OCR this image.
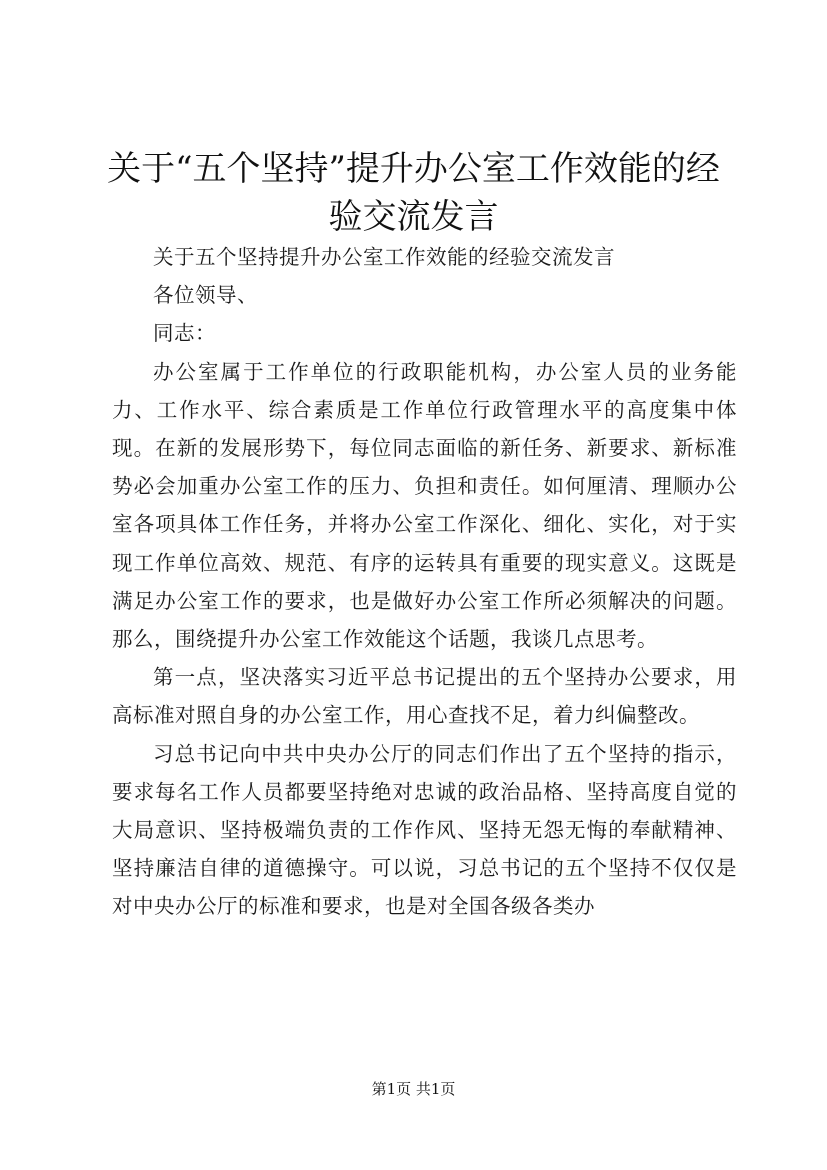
关于“五个坚持”提升办公室工作效能的经验交流发言

关于五个坚持提升办公室工作效能的经验交流发言

各位领导、

同志：

办公室属于工作单位的行政职能机构，办公室人员的业务能力、工作水平、综合素质是工作单位行政管理水平的高度集中体现。在新的发展形势下，每位同志面临的新任务、新要求、新标准势必会加重办公室工作的压力、负担和责任。如何厘清、理顺办公室各项具体工作任务，并将办公室工作深化、细化、实化，对于实现工作单位高效、规范、有序的运转具有重要的现实意义。这既是满足办公室工作的要求，也是做好办公室工作所必须解决的问题。那么，围绕提升办公室工作效能这个话题，我谈几点思考。

第一点，坚决落实习近平总书记提出的五个坚持办公要求，用高标准对照自身的办公室工作，用心查找不足，着力纠偏整改。

习总书记向中共中央办公厅的同志们作出了五个坚持的指示，要求每名工作人员都要坚持绝对忠诚的政治品格、坚持高度自觉的大局意识、坚持极端负责的工作作风、坚持无怨无悔的奉献精神、坚持廉洁自律的道德操守。可以说，习总书记的五个坚持不仅仅是对中央办公厅的标准和要求，也是对全国各级各类办

第1页 共1页
